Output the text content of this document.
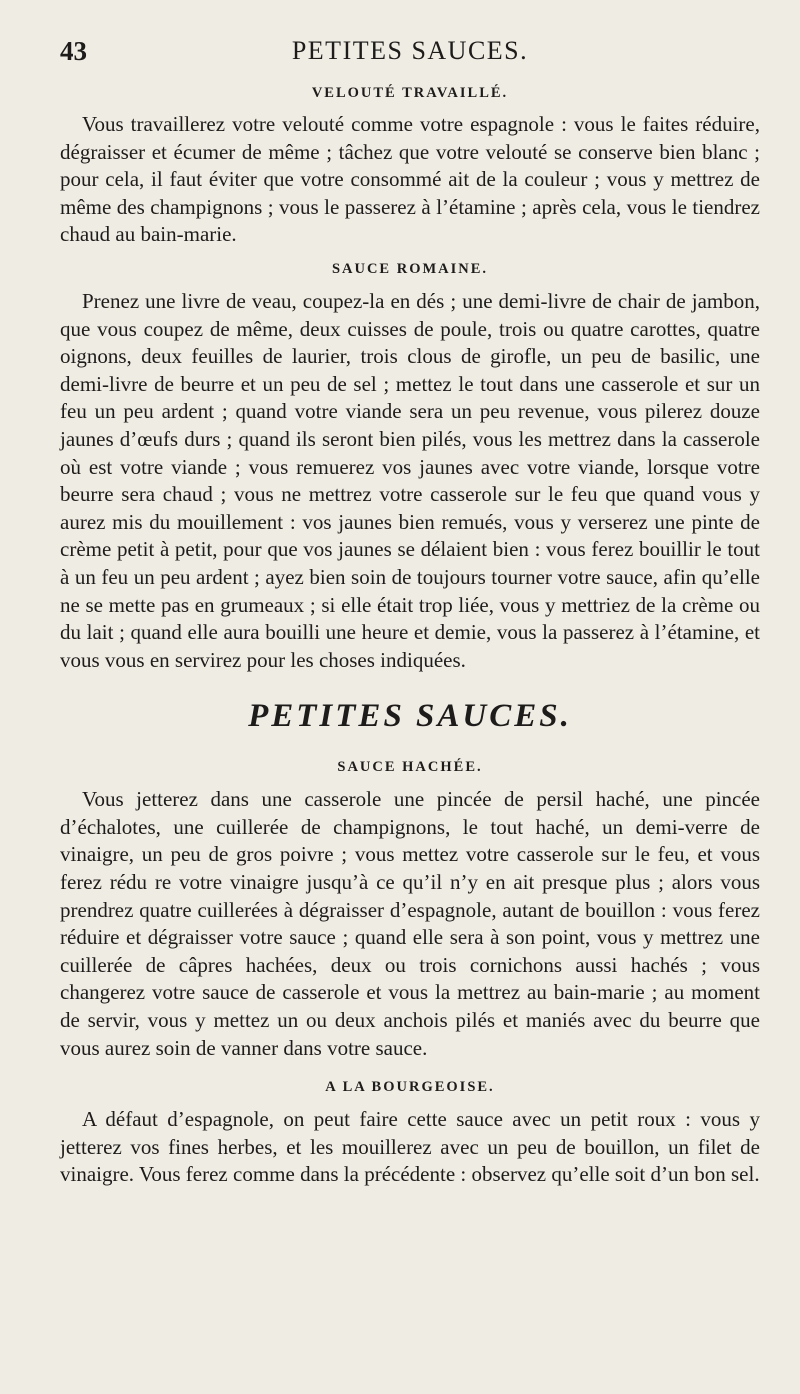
43	PETITES SAUCES.
VELOUTÉ TRAVAILLÉ.

Vous travaillerez votre velouté comme votre espagnole : vous le faites réduire, dégraisser et écumer de même ; tâchez que votre velouté se conserve bien blanc ; pour cela, il faut éviter que votre consommé ait de la couleur ; vous y mettrez de même des champignons ; vous le passerez à l’étamine ; après cela, vous le tiendrez chaud au bain-marie.

SAUCE ROMAINE.

Prenez une livre de veau, coupez-la en dés ; une demi-livre de chair de jambon, que vous coupez de même, deux cuisses de poule, trois ou quatre carottes, quatre oignons, deux feuilles de laurier, trois clous de girofle, un peu de basilic, une demi-livre de beurre et un peu de sel ; mettez le tout dans une casserole et sur un feu un peu ardent ; quand votre viande sera un peu revenue, vous pilerez douze jaunes d’œufs durs ; quand ils seront bien pilés, vous les mettrez dans la casserole où est votre viande ; vous remuerez vos jaunes avec votre viande, lorsque votre beurre sera chaud ; vous ne mettrez votre casserole sur le feu que quand vous y aurez mis du mouillement : vos jaunes bien remués, vous y verserez une pinte de crème petit à petit, pour que vos jaunes se délaient bien : vous ferez bouillir le tout à un feu un peu ardent ; ayez bien soin de toujours tourner votre sauce, afin qu’elle ne se mette pas en grumeaux ; si elle était trop liée, vous y mettriez de la crème ou du lait ; quand elle aura bouilli une heure et demie, vous la passerez à l’étamine, et vous vous en servirez pour les choses indiquées.

PETITES SAUCES.
SAUCE HACHÉE.

Vous jetterez dans une casserole une pincée de persil haché, une pincée d’échalotes, une cuillerée de champignons, le tout haché, un demi-verre de vinaigre, un peu de gros poivre ; vous mettez votre casserole sur le feu, et vous ferez rédu re votre vinaigre jusqu’à ce qu’il n’y en ait presque plus ; alors vous prendrez quatre cuillerées à dégraisser d’espagnole, autant de bouillon : vous ferez réduire et dégraisser votre sauce ; quand elle sera à son point, vous y mettrez une cuillerée de câpres hachées, deux ou trois cornichons aussi hachés ; vous changerez votre sauce de casserole et vous la mettrez au bain-marie ; au moment de servir, vous y mettez un ou deux anchois pilés et maniés avec du beurre que vous aurez soin de vanner dans votre sauce.

A LA BOURGEOISE.

A défaut d’espagnole, on peut faire cette sauce avec un petit roux : vous y jetterez vos fines herbes, et les mouillerez avec un peu de bouillon, un filet de vinaigre. Vous ferez comme dans la précédente : observez qu’elle soit d’un bon sel.
